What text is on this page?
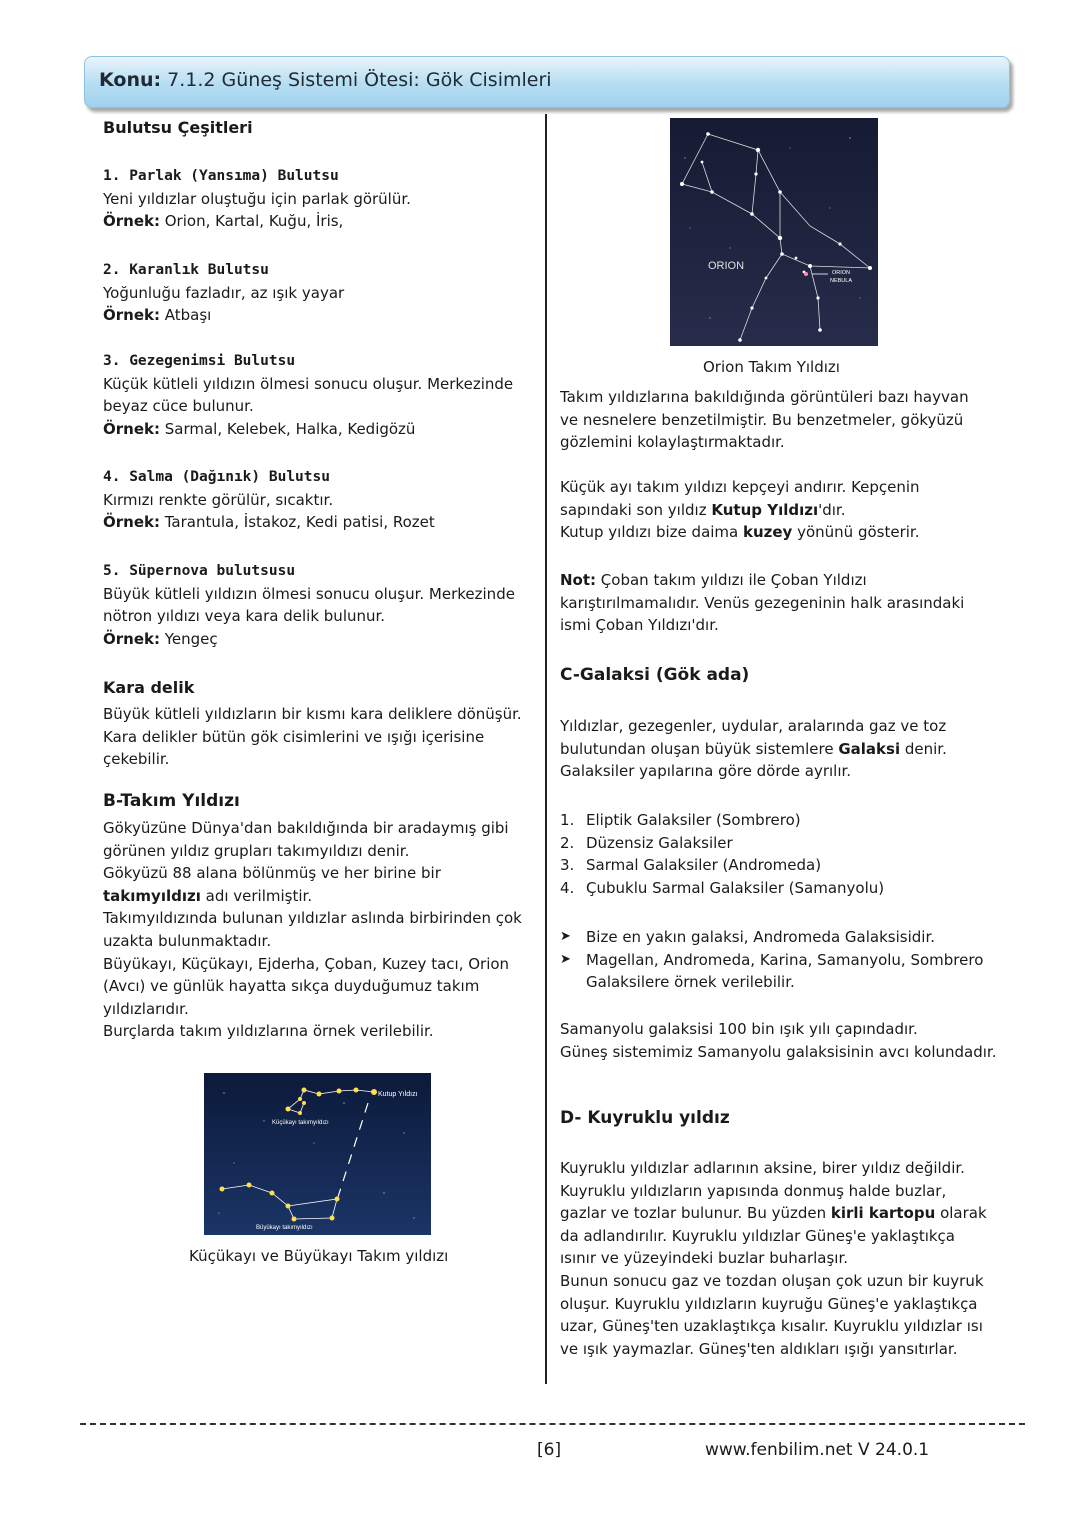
Konu: 7.1.2 Güneş Sistemi Ötesi: Gök Cisimleri

Bulutsu Çeşitleri

1. Parlak (Yansıma) Bulutsu

Yeni yıldızlar oluştuğu için parlak görülür.

Örnek: Orion, Kartal, Kuğu, İris,

2. Karanlık Bulutsu

Yoğunluğu fazladır, az ışık yayar

Örnek: Atbaşı

3. Gezegenimsi Bulutsu

Küçük kütleli yıldızın ölmesi sonucu oluşur. Merkezinde beyaz cüce bulunur.

Örnek: Sarmal, Kelebek, Halka, Kedigözü

4. Salma (Dağınık) Bulutsu

Kırmızı renkte görülür, sıcaktır.

Örnek: Tarantula, İstakoz, Kedi patisi, Rozet

5. Süpernova bulutsusu

Büyük kütleli yıldızın ölmesi sonucu oluşur. Merkezinde nötron yıldızı veya kara delik bulunur.

Örnek: Yengeç

Kara delik

Büyük kütleli yıldızların bir kısmı kara deliklere dönüşür. Kara delikler bütün gök cisimlerini ve ışığı içerisine çekebilir.

B-Takım Yıldızı

Gökyüzüne Dünya'dan bakıldığında bir aradaymış gibi görünen yıldız grupları takımyıldızı denir.

Gökyüzü 88 alana bölünmüş ve her birine bir takımyıldızı adı verilmiştir.

Takımyıldızında bulunan yıldızlar aslında birbirinden çok uzakta bulunmaktadır.

Büyükayı, Küçükayı, Ejderha, Çoban, Kuzey tacı, Orion (Avcı) ve günlük hayatta sıkça duyduğumuz takım yıldızlarıdır.

Burçlarda takım yıldızlarına örnek verilebilir.

Kutup Yıldızı
Küçükayı takımyıldızı
Büyükayı takımyıldızı
Küçükayı ve Büyükayı Takım yıldızı
ORION
ORION
NEBULA
Orion Takım Yıldızı

Takım yıldızlarına bakıldığında görüntüleri bazı hayvan ve nesnelere benzetilmiştir. Bu benzetmeler, gökyüzü gözlemini kolaylaştırmaktadır.

Küçük ayı takım yıldızı kepçeyi andırır. Kepçenin sapındaki son yıldız Kutup Yıldızı'dır.

Kutup yıldızı bize daima kuzey yönünü gösterir.

Not: Çoban takım yıldızı ile Çoban Yıldızı karıştırılmamalıdır. Venüs gezegeninin halk arasındaki ismi Çoban Yıldızı'dır.

C-Galaksi (Gök ada)

Yıldızlar, gezegenler, uydular, aralarında gaz ve toz bulutundan oluşan büyük sistemlere Galaksi denir. Galaksiler yapılarına göre dörde ayrılır.

1. Eliptik Galaksiler (Sombrero)
2. Düzensiz Galaksiler
3. Sarmal Galaksiler (Andromeda)
4. Çubuklu Sarmal Galaksiler (Samanyolu)
➤ Bize en yakın galaksi, Andromeda Galaksisidir.
➤ Magellan, Andromeda, Karina, Samanyolu, Sombrero Galaksilere örnek verilebilir.

Samanyolu galaksisi 100 bin ışık yılı çapındadır.

Güneş sistemimiz Samanyolu galaksisinin avcı kolundadır.

D- Kuyruklu yıldız

Kuyruklu yıldızlar adlarının aksine, birer yıldız değildir. Kuyruklu yıldızların yapısında donmuş halde buzlar, gazlar ve tozlar bulunur. Bu yüzden kirli kartopu olarak da adlandırılır. Kuyruklu yıldızlar Güneş'e yaklaştıkça ısınır ve yüzeyindeki buzlar buharlaşır.

Bunun sonucu gaz ve tozdan oluşan çok uzun bir kuyruk oluşur. Kuyruklu yıldızların kuyruğu Güneş'e yaklaştıkça uzar, Güneş'ten uzaklaştıkça kısalır. Kuyruklu yıldızlar ısı ve ışık yaymazlar. Güneş'ten aldıkları ışığı yansıtırlar.

[6]	www.fenbilim.net V 24.0.1
